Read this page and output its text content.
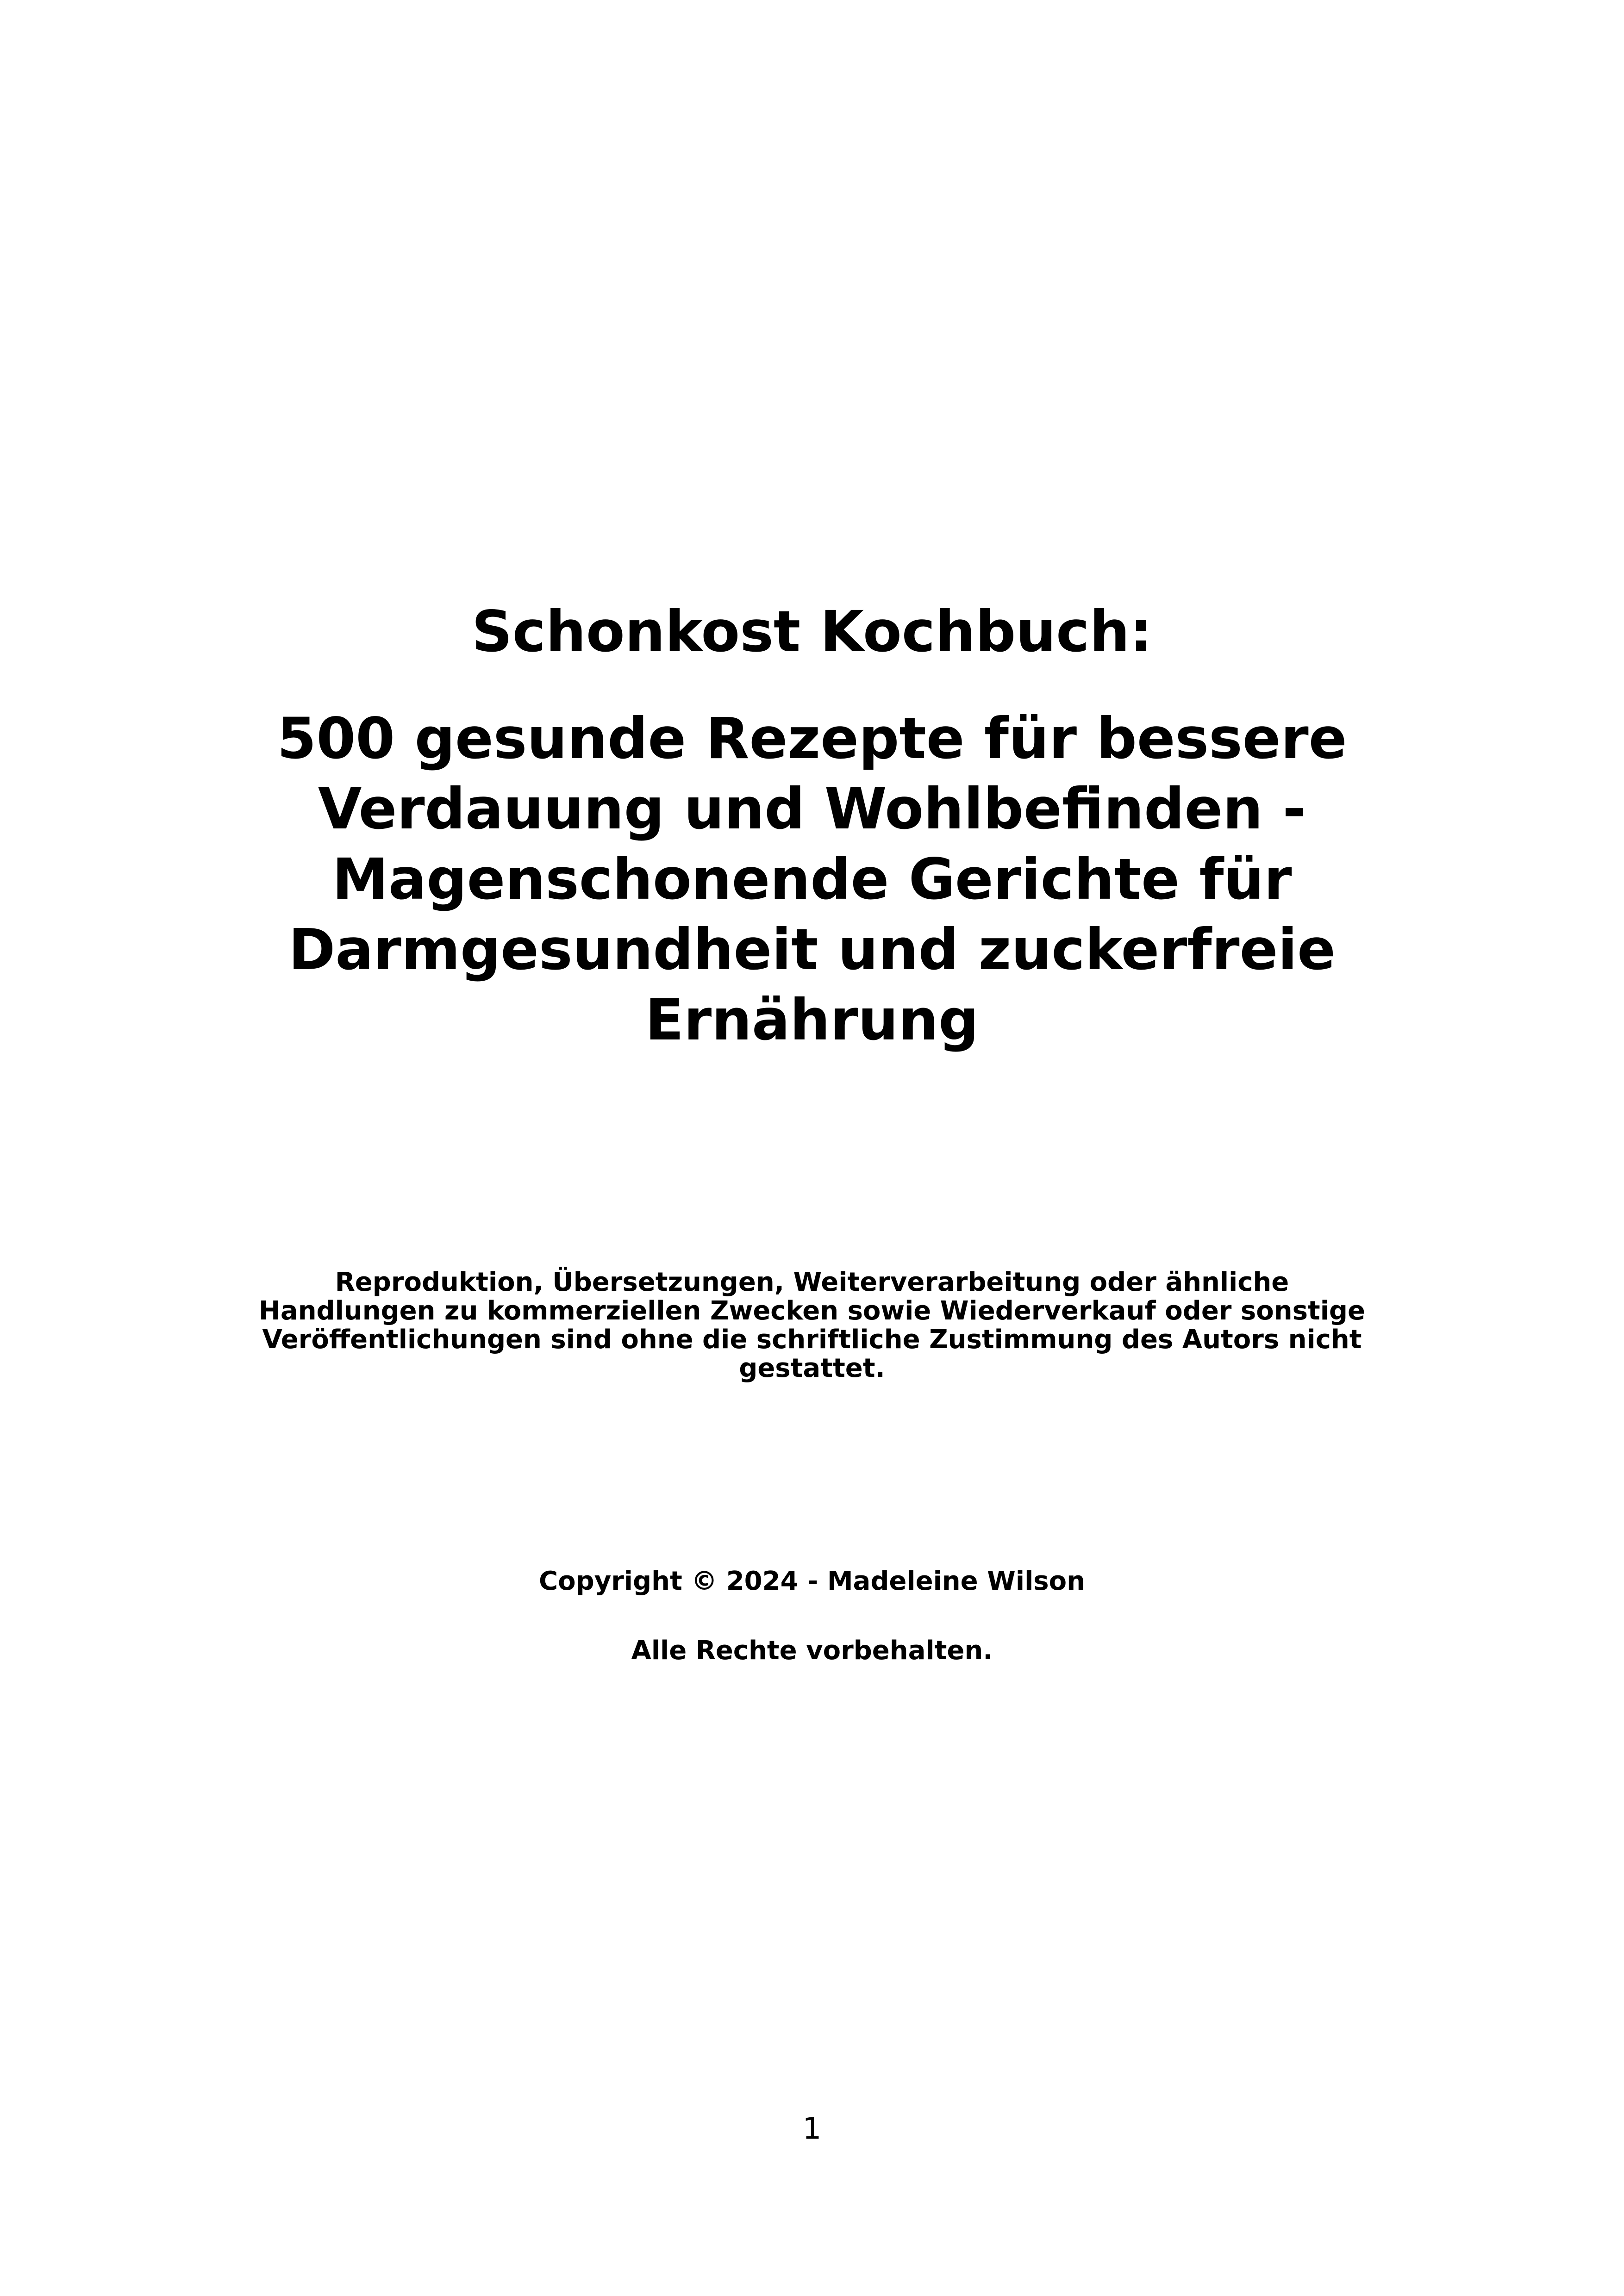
Schonkost Kochbuch:
500 gesunde Rezepte für bessere Verdauung und Wohlbefinden - Magenschonende Gerichte für Darmgesundheit und zuckerfreie Ernährung

Reproduktion, Übersetzungen, Weiterverarbeitung oder ähnliche Handlungen zu kommerziellen Zwecken sowie Wiederverkauf oder sonstige Veröffentlichungen sind ohne die schriftliche Zustimmung des Autors nicht gestattet.

Copyright © 2024 - Madeleine Wilson

Alle Rechte vorbehalten.

1
